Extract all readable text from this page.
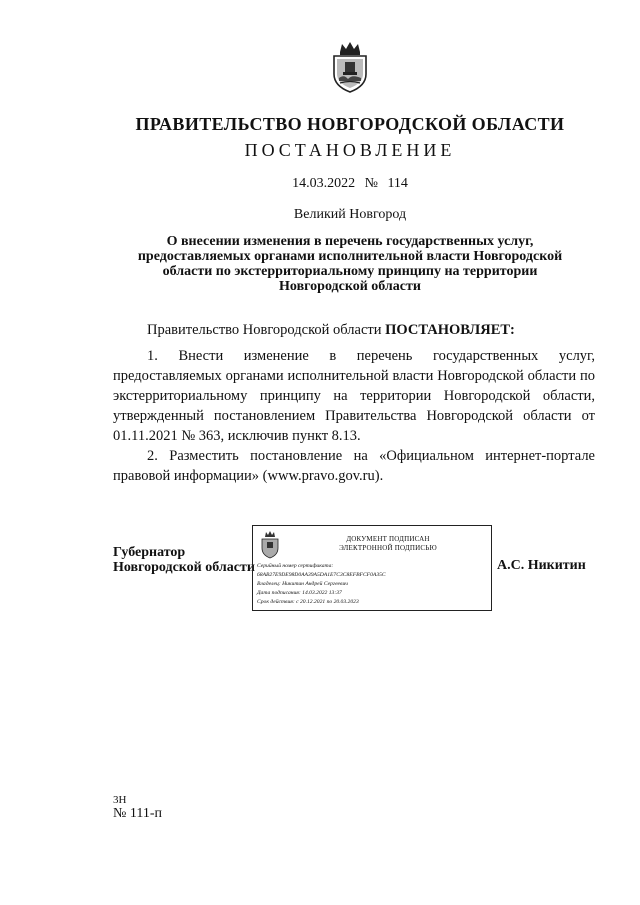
ПРАВИТЕЛЬСТВО НОВГОРОДСКОЙ ОБЛАСТИ
ПОСТАНОВЛЕНИЕ
14.03.2022 № 114
Великий Новгород
О внесении изменения в перечень государственных услуг,
предоставляемых органами исполнительной власти Новгородской
области по экстерриториальному принципу на территории
Новгородской области
Правительство Новгородской области ПОСТАНОВЛЯЕТ:

1. Внести изменение в перечень государственных услуг, предоставляемых органами исполнительной власти Новгородской области по экстерриториальному принципу на территории Новгородской области, утвержденный постановлением Правительства Новгородской области от 01.11.2021 № 363, исключив пункт 8.13.

2. Разместить постановление на «Официальном интернет-портале правовой информации» (www.pravo.gov.ru).

Губернатор
Новгородской области
ДОКУМЕНТ ПОДПИСАН
ЭЛЕКТРОННОЙ ПОДПИСЬЮ
Серийный номер сертификата:
68AB27E9DE98D0AA39A5DA1E7C3C8EFBFCF0A35C
Владелец: Никитин Андрей Сергеевич
Дата подписания: 14.03.2022 13:37
Срок действия: с 20.12.2021 по 20.03.2023
А.С. Никитин
3Н
№ 111-п
